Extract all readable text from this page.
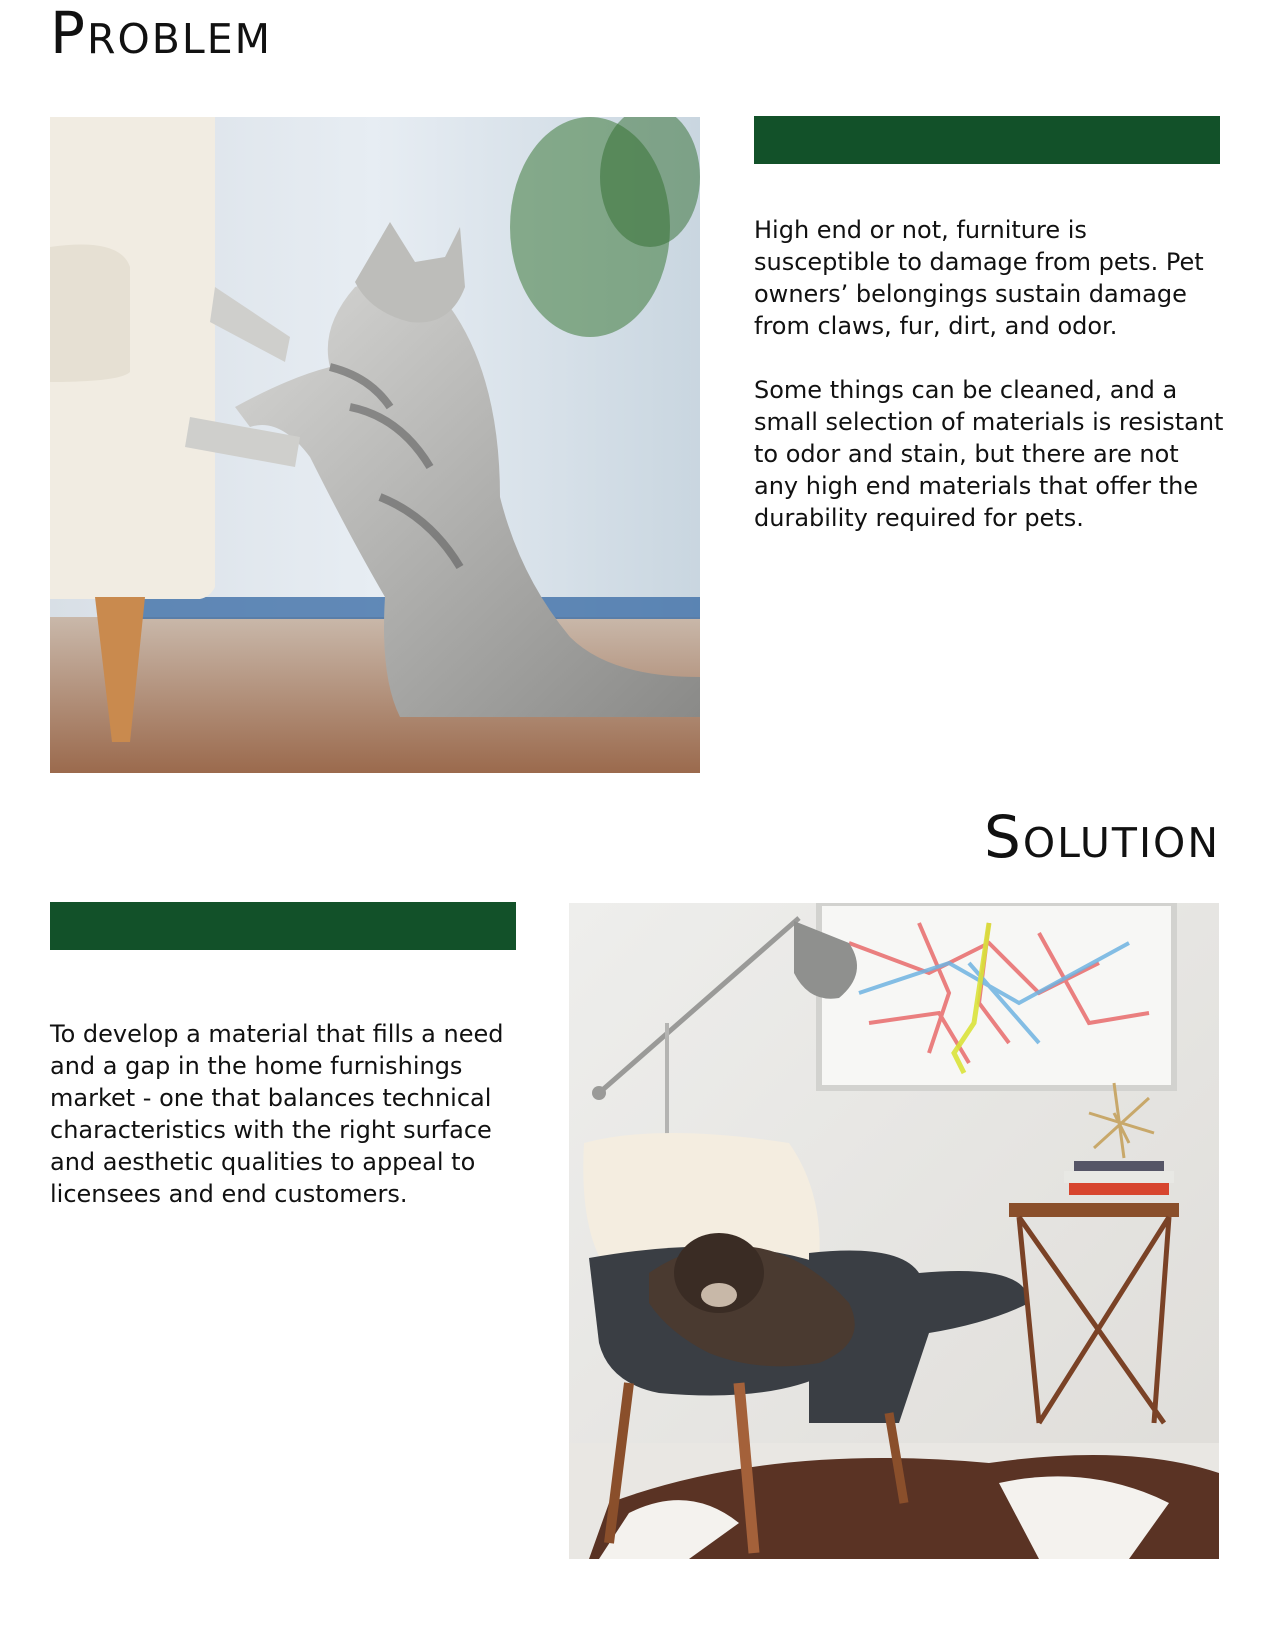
Problem

High end or not, furniture is susceptible to damage from pets. Pet owners’ belongings sustain damage from claws, fur, dirt, and odor.

Some things can be cleaned, and a small selection of materials is resistant to odor and stain, but there are not any high end materials that offer the durability required for pets.

Solution

To develop a material that fills a need and a gap in the home furnishings market - one that balances technical characteristics with the right surface and aesthetic qualities to appeal to licensees and end customers.
